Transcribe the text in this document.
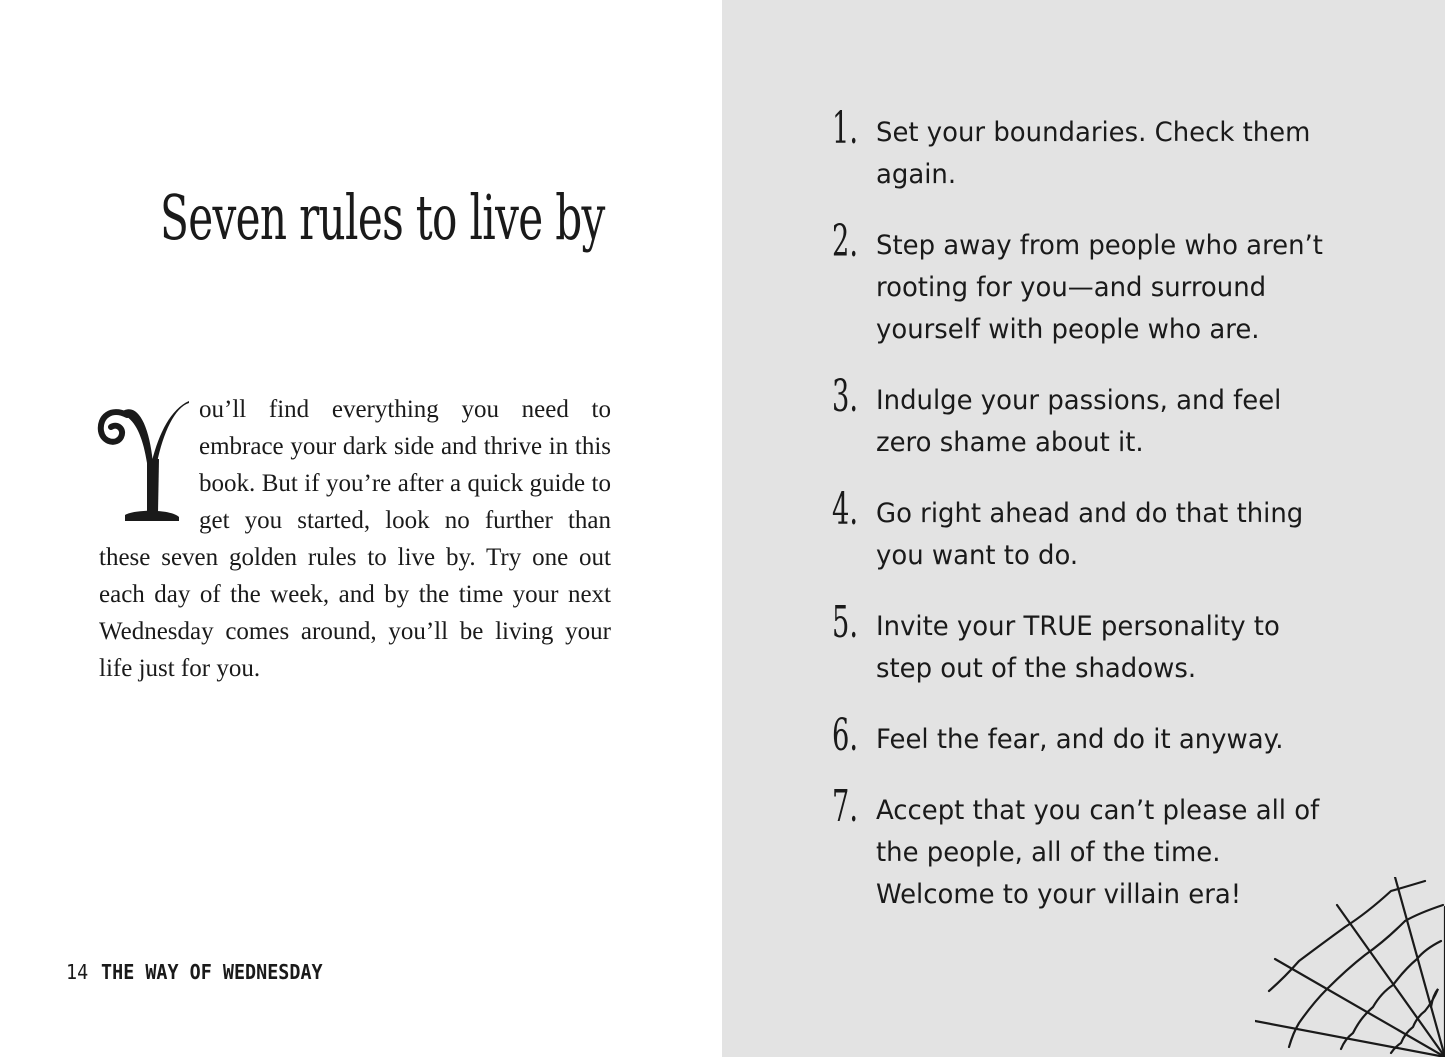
Seven rules to live by

ou’ll find everything you need to embrace your dark side and thrive in this book. But if you’re after a quick guide to get you started, look no further than these seven golden rules to live by. Try one out each day of the week, and by the time your next Wednesday comes around, you’ll be living your life just for you.

14 THE WAY OF WEDNESDAY
1. Set your boundaries. Check them again.
2. Step away from people who aren’t rooting for you—and surround yourself with people who are.
3. Indulge your passions, and feel zero shame about it.
4. Go right ahead and do that thing you want to do.
5. Invite your TRUE personality to step out of the shadows.
6. Feel the fear, and do it anyway.
7. Accept that you can’t please all of the people, all of the time. Welcome to your villain era!
